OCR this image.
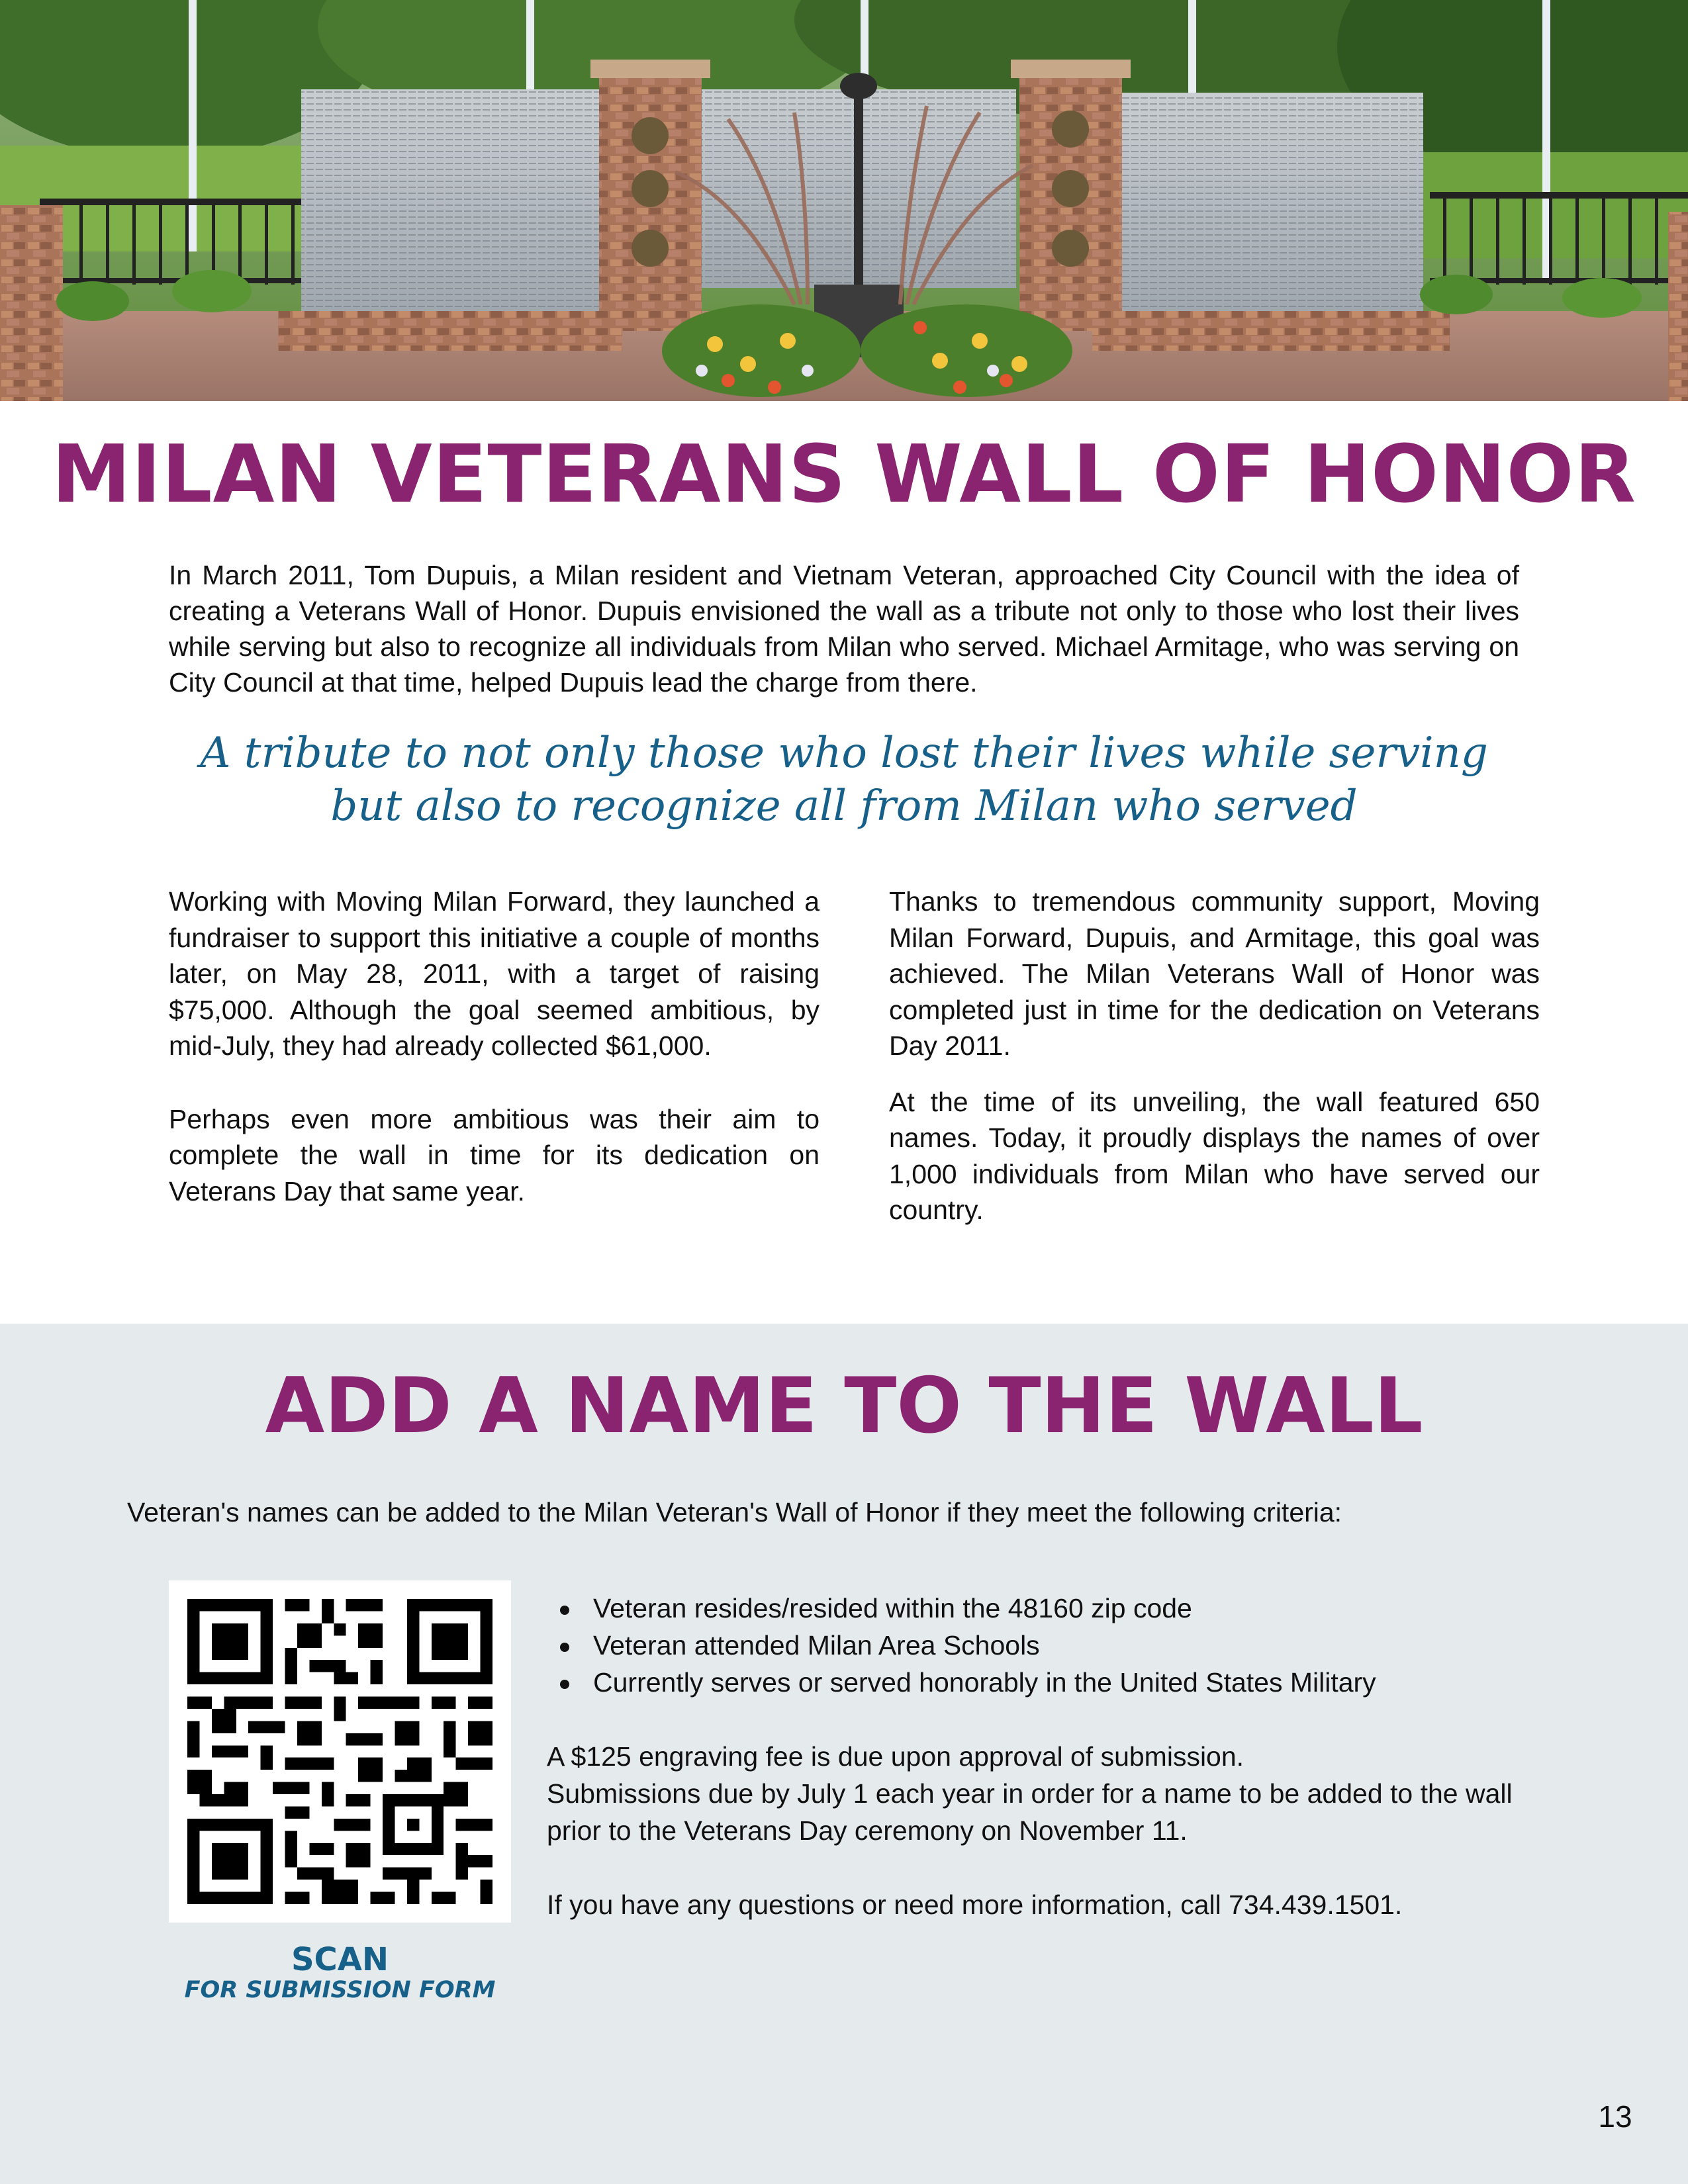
MILAN VETERANS WALL OF HONOR

In March 2011, Tom Dupuis, a Milan resident and Vietnam Veteran, approached City Council with the idea of creating a Veterans Wall of Honor. Dupuis envisioned the wall as a tribute not only to those who lost their lives while serving but also to recognize all individuals from Milan who served. Michael Armitage, who was serving on City Council at that time, helped Dupuis lead the charge from there.

A tribute to not only those who lost their lives while serving
but also to recognize all from Milan who served

Working with Moving Milan Forward, they launched a fundraiser to support this initiative a couple of months later, on May 28, 2011, with a target of raising $75,000. Although the goal seemed ambitious, by mid-July, they had already collected $61,000.

Perhaps even more ambitious was their aim to complete the wall in time for its dedication on Veterans Day that same year.

Thanks to tremendous community support, Moving Milan Forward, Dupuis, and Armitage, this goal was achieved. The Milan Veterans Wall of Honor was completed just in time for the dedication on Veterans Day 2011.

At the time of its unveiling, the wall featured 650 names. Today, it proudly displays the names of over 1,000 individuals from Milan who have served our country.

ADD A NAME TO THE WALL

Veteran's names can be added to the Milan Veteran's Wall of Honor if they meet the following criteria:

SCAN
FOR SUBMISSION FORM
Veteran resides/resided within the 48160 zip code
Veteran attended Milan Area Schools
Currently serves or served honorably in the United States Military

A $125 engraving fee is due upon approval of submission.

Submissions due by July 1 each year in order for a name to be added to the wall

prior to the Veterans Day ceremony on November 11.

If you have any questions or need more information, call 734.439.1501.

13
